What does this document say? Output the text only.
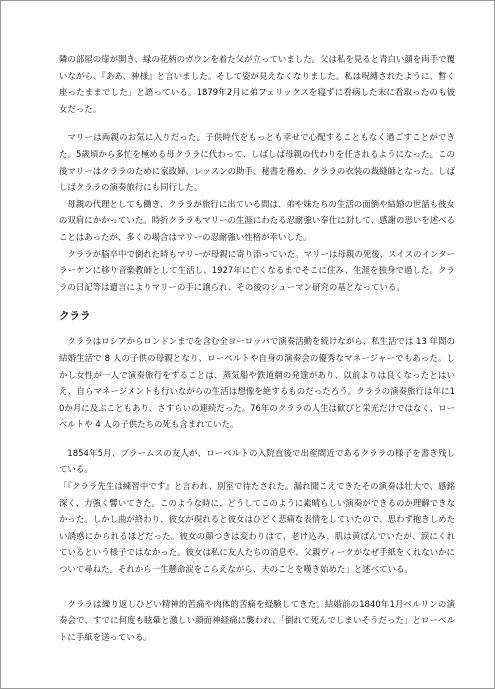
隣の部屋の扉が開き、緑の花柄のガウンを着た父が立っていました。父は私を見ると青白い顔を両手で覆いながら、『ああ、神様』と言いました。そして姿が見えなくなりました。私は呪縛されたように、暫く座ったままでした」と語っている。1879年2月に弟フェリックスを寝ずに看病した末に看取ったのも彼女だった。

マリーは両親のお気に入りだった。子供時代をもっとも幸せで心配することもなく過ごすことができた。5歳頃から多忙を極める母クララに代わって、しばしば母親の代わりを任されるようになった。この後マリーはクララのために家政婦、レッスンの助手、秘書を務め、クララの衣装の裁縫師となった。しばしばクララの演奏旅行にも同行した。

母親の代理としても働き、クララが旅行に出ている間は、弟や妹たちの生活の面倒や結婚の世話も彼女の双肩にかかっていた。時折クララもマリーの生涯にわたる忍耐強い奉仕に対して、感謝の思いを述べることはあったが、多くの場合はマリーの忍耐強い性格が幸いした。

クララが脳卒中で倒れた時もマリーが母親に寄り添っていた。マリーは母親の死後、スイスのインターラーケンに移り音楽教師として生活し、1927年に亡くなるまでそこに住み、生涯を独身で過した。クララの日記等は遺言によりマリーの手に譲られ、その後のシューマン研究の基となっている。

クララ

クララはロシアからロンドンまでを含む全ヨーロッパで演奏活動を続けながら、私生活では 13 年間の結婚生活で 8 人の子供の母親となり、ローベルトや自身の演奏会の優秀なマネージャーでもあった。しかし女性が一人で演奏旅行をすることは、蒸気船や鉄道網の発達があり、以前よりは良くなったとはいえ、自らマネージメントも行いながらの生活は想像を絶するものだったろう。クララの演奏旅行は年に10か月に及ぶこともあり、さすらいの連続だった。76年のクララの人生は歓びと栄光だけではなく、ローベルトや 4 人の子供たちの死も含まれていた。

1854年5月、ブラームスの友人が、ローベルトの入院直後で出産間近であるクララの様子を書き残している。

「『クララ先生は練習中です』と言われ、別室で待たされた。漏れ聞こえてきたその演奏は壮大で、感銘深く、力強く響いてきた。このような時に、どうしてこのように素晴らしい演奏ができるのか理解できなかった。しかし曲が終わり、彼女が現れると彼女はひどく悲痛な表情をしていたので、思わず抱きしめたい誘惑にかられるほどだった。彼女の顔つきは変わりはて、老け込み、肌は黄ばんでいたが、涙にくれているという様子ではなかった。彼女は私に友人たちの消息や、父親ヴィークがなぜ手紙をくれないかについて尋ねた。それから一生懸命涙をこらえながら、夫のことを嘆き始めた」と述べている。

クララは繰り返しひどい精神的苦痛や肉体的苦痛を経験してきた。結婚前の1840年1月ベルリンの演奏会で、すでに何度も眩暈と激しい顔面神経痛に襲われ、「倒れて死んでしまいそうだった」とローベルトに手紙を送っている。
